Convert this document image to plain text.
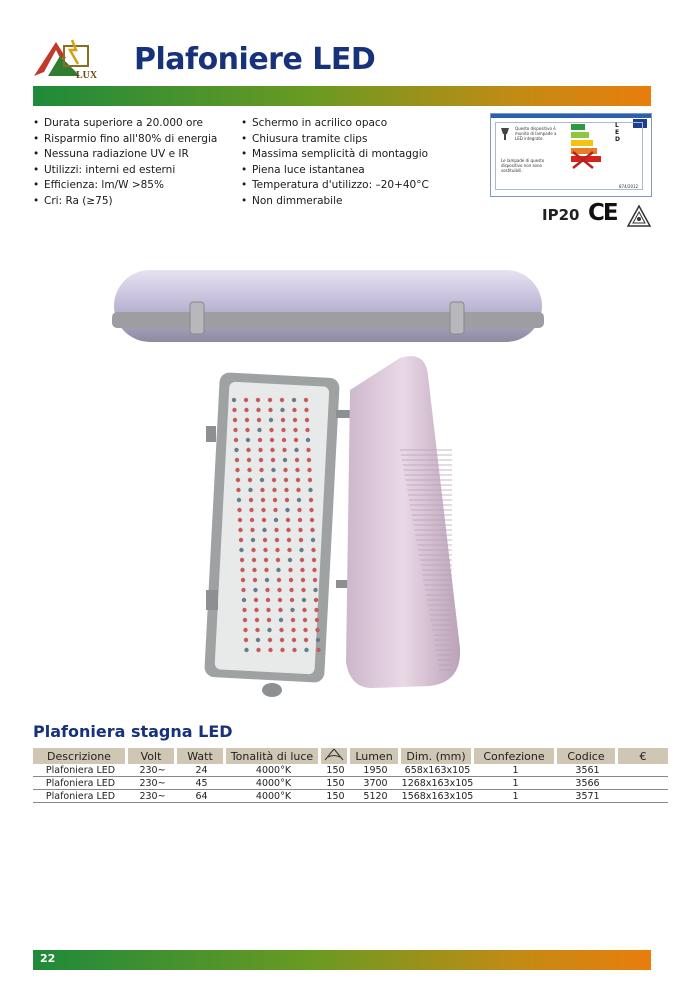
LUX Plafoniere LED
• Durata superiore a 20.000 ore
• Risparmio fino all'80% di energia
• Nessuna radiazione UV e IR
• Utilizzi: interni ed esterni
• Efficienza: lm/W >85%
• Cri: Ra (≥75)
• Schermo in acrilico opaco
• Chiusura tramite clips
• Massima semplicità di montaggio
• Piena luce istantanea
• Temperatura d'utilizzo: –20+40°C
• Non dimmerabile
Questo dispositivo è munito di lampade a LED integrate.
Le lampade di questo dispositivo non sono sostituibili.
LED
874/2012
IP20 CE
Plafoniera stagna LED
Descrizione	Volt	Watt	Tonalità di luce		Lumen	Dim. (mm)	Confezione	Codice	€
Plafoniera LED	230~	24	4000°K	150	1950	658x163x105	1	3561	
Plafoniera LED	230~	45	4000°K	150	3700	1268x163x105	1	3566	
Plafoniera LED	230~	64	4000°K	150	5120	1568x163x105	1	3571	
22
